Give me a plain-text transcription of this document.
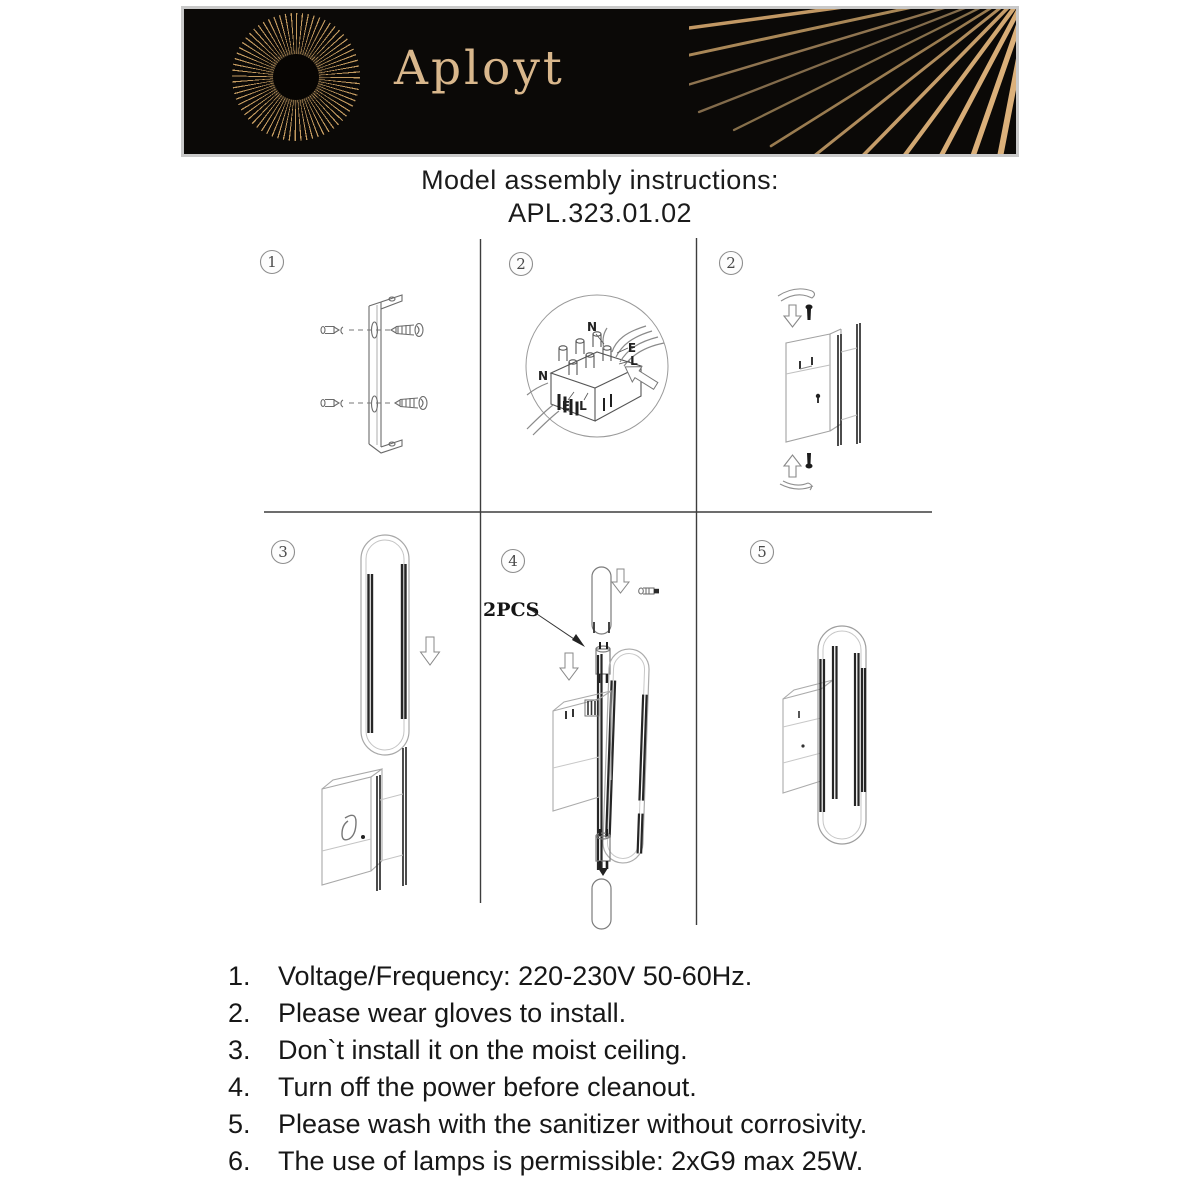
Aployt
Model assembly instructions:
APL.323.01.02
N
E
L
N
E L
2PCS
1	2	2
3	4	5
1.	Voltage/Frequency: 220-230V 50-60Hz.
2.	Please wear gloves to install.
3.	Don`t install it on the moist ceiling.
4.	Turn off the power before cleanout.
5.	Please wash with the sanitizer without corrosivity.
6.	The use of lamps is permissible: 2xG9 max 25W.
